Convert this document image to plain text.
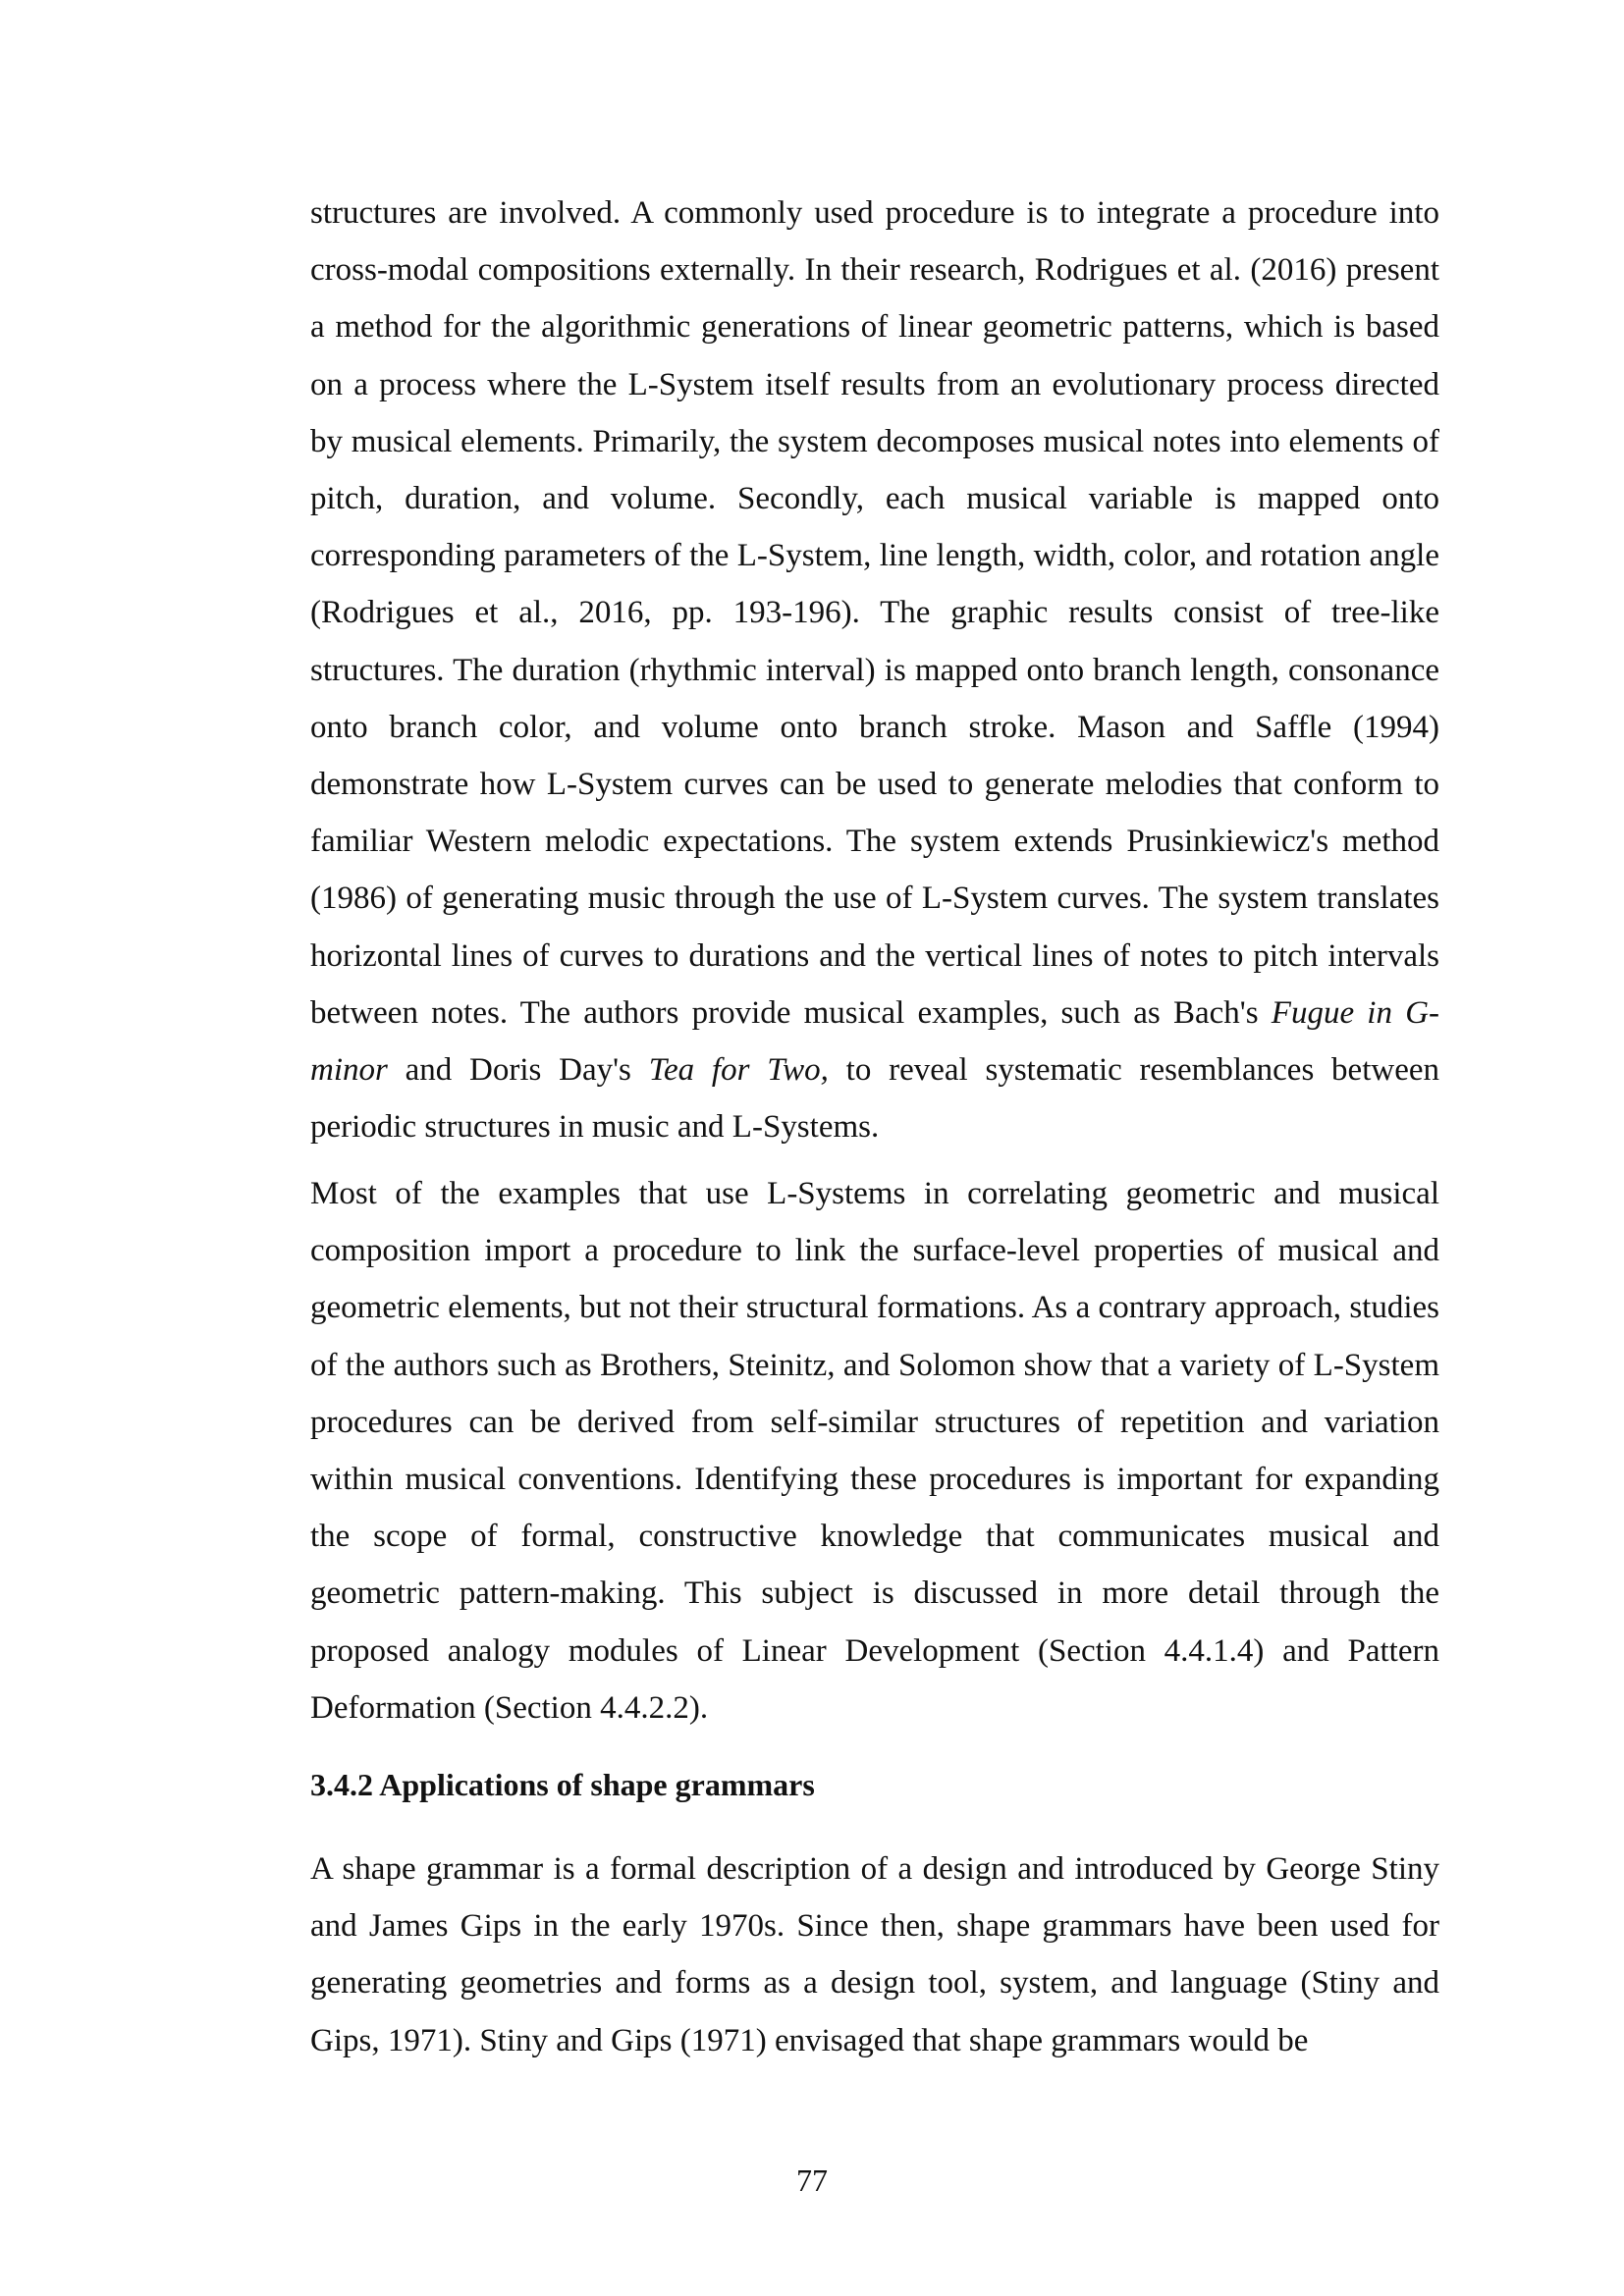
structures are involved. A commonly used procedure is to integrate a procedure into cross-modal compositions externally. In their research, Rodrigues et al. (2016) present a method for the algorithmic generations of linear geometric patterns, which is based on a process where the L-System itself results from an evolutionary process directed by musical elements. Primarily, the system decomposes musical notes into elements of pitch, duration, and volume. Secondly, each musical variable is mapped onto corresponding parameters of the L-System, line length, width, color, and rotation angle (Rodrigues et al., 2016, pp. 193-196). The graphic results consist of tree-like structures. The duration (rhythmic interval) is mapped onto branch length, consonance onto branch color, and volume onto branch stroke. Mason and Saffle (1994) demonstrate how L-System curves can be used to generate melodies that conform to familiar Western melodic expectations. The system extends Prusinkiewicz's method (1986) of generating music through the use of L-System curves. The system translates horizontal lines of curves to durations and the vertical lines of notes to pitch intervals between notes. The authors provide musical examples, such as Bach's Fugue in G-minor and Doris Day's Tea for Two, to reveal systematic resemblances between periodic structures in music and L-Systems.

Most of the examples that use L-Systems in correlating geometric and musical composition import a procedure to link the surface-level properties of musical and geometric elements, but not their structural formations. As a contrary approach, studies of the authors such as Brothers, Steinitz, and Solomon show that a variety of L-System procedures can be derived from self-similar structures of repetition and variation within musical conventions. Identifying these procedures is important for expanding the scope of formal, constructive knowledge that communicates musical and geometric pattern-making. This subject is discussed in more detail through the proposed analogy modules of Linear Development (Section 4.4.1.4) and Pattern Deformation (Section 4.4.2.2).

3.4.2 Applications of shape grammars

A shape grammar is a formal description of a design and introduced by George Stiny and James Gips in the early 1970s. Since then, shape grammars have been used for generating geometries and forms as a design tool, system, and language (Stiny and Gips, 1971). Stiny and Gips (1971) envisaged that shape grammars would be

77
